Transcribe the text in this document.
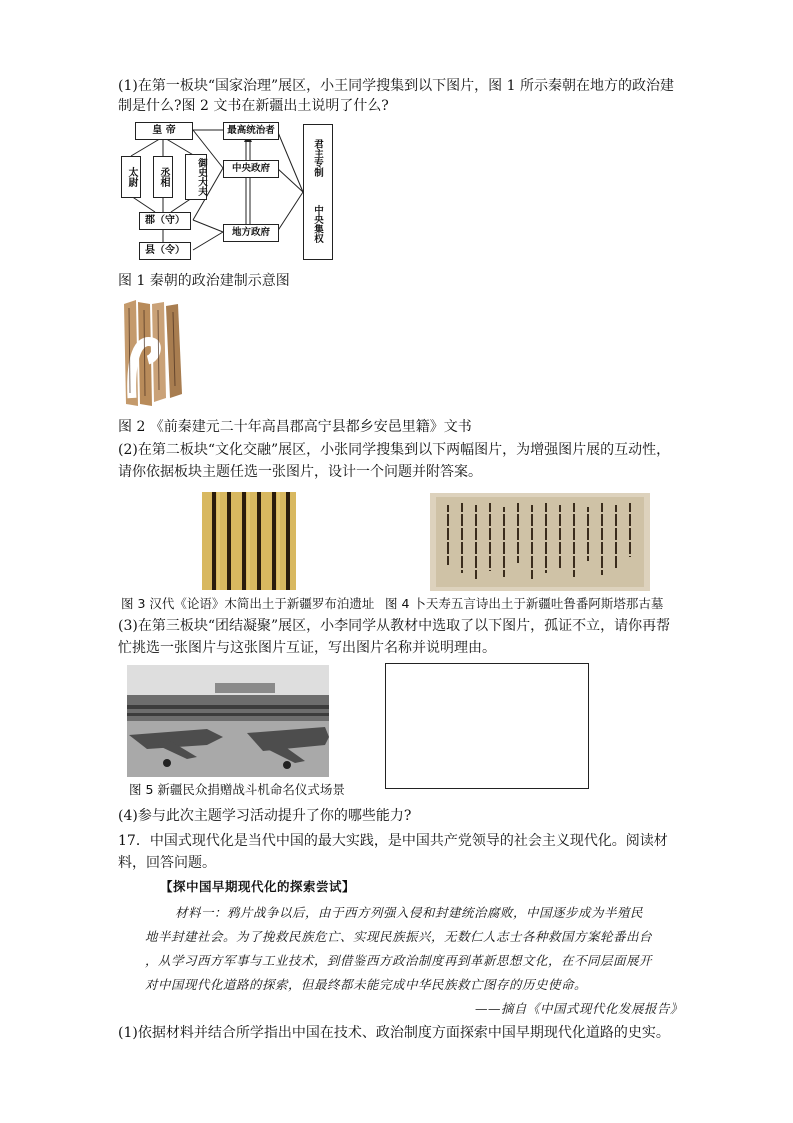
(1)在第一板块“国家治理”展区，小王同学搜集到以下图片，图 1 所示秦朝在地方的政治建
制是什么?图 2 文书在新疆出土说明了什么?
皇 帝
太尉	丞相	御史大夫
郡（守）
县（令）
最高统治者
中央政府
地方政府
君主专制
中央集权
图 1 秦朝的政治建制示意图
图 2 《前秦建元二十年高昌郡高宁县都乡安邑里籍》文书
(2)在第二板块“文化交融”展区，小张同学搜集到以下两幅图片，为增强图片展的互动性，
请你依据板块主题任选一张图片，设计一个问题并附答案。
图 3 汉代《论语》木简出土于新疆罗布泊遗址 图 4 卜天寿五言诗出土于新疆吐鲁番阿斯塔那古墓
(3)在第三板块“团结凝聚”展区，小李同学从教材中选取了以下图片，孤证不立，请你再帮
忙挑选一张图片与这张图片互证，写出图片名称并说明理由。
图 5 新疆民众捐赠战斗机命名仪式场景
(4)参与此次主题学习活动提升了你的哪些能力?
17．中国式现代化是当代中国的最大实践，是中国共产党领导的社会主义现代化。阅读材
料，回答问题。
【探中国早期现代化的探索尝试】
材料一：鸦片战争以后，由于西方列强入侵和封建统治腐败，中国逐步成为半殖民
地半封建社会。为了挽救民族危亡、实现民族振兴，无数仁人志士各种救国方案轮番出台
，从学习西方军事与工业技术，到借鉴西方政治制度再到革新思想文化，在不同层面展开
对中国现代化道路的探索，但最终都未能完成中华民族救亡图存的历史使命。
——摘自《中国式现代化发展报告》
(1)依据材料并结合所学指出中国在技术、政治制度方面探索中国早期现代化道路的史实。
